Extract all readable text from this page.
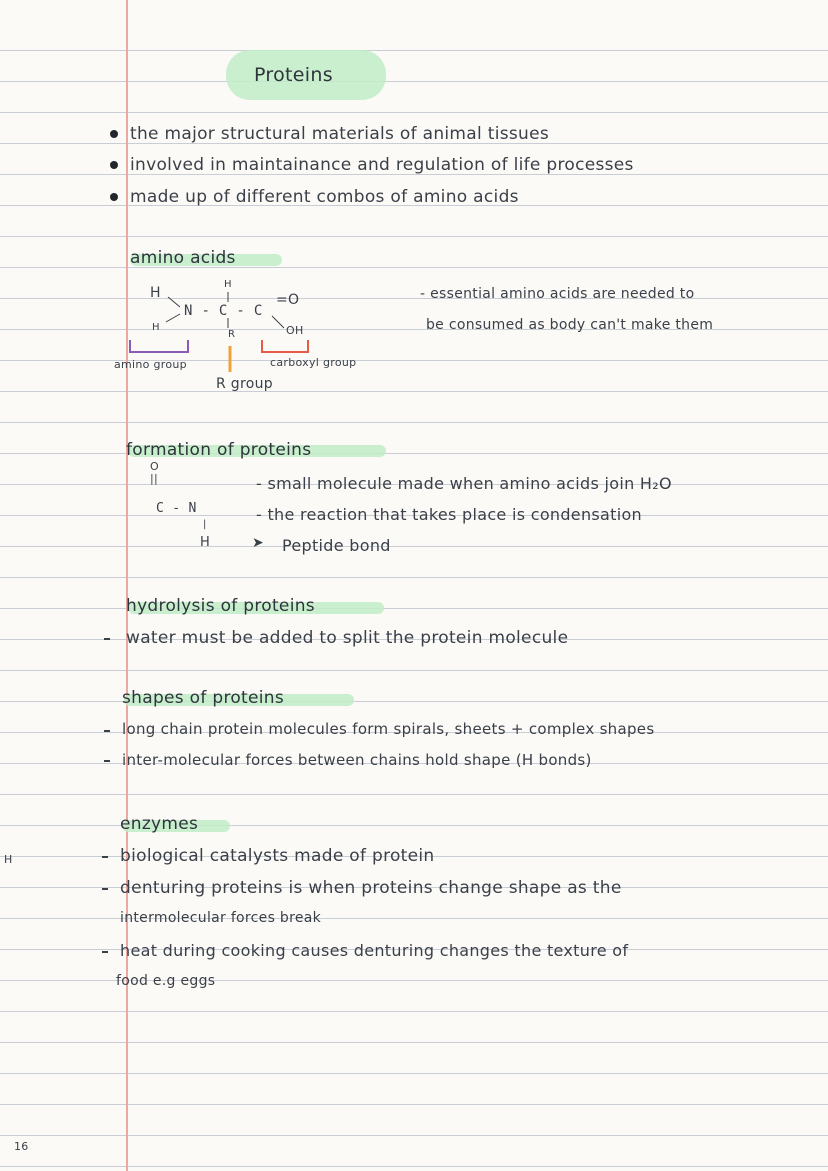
Proteins
the major structural materials of animal tissues
involved in maintainance and regulation of life processes
made up of different combos of amino acids
amino acids
H
H
N - C - C
=O
H
R	OH
amino group	carboxyl group
R group
- essential amino acids are needed to
be consumed as body can't make them
formation of proteins
O
||
C - N
|
H
- small molecule made when amino acids join H₂O
- the reaction that takes place is condensation
➤ Peptide bond
hydrolysis of proteins
water must be added to split the protein molecule
shapes of proteins
long chain protein molecules form spirals, sheets + complex shapes
inter-molecular forces between chains hold shape (H bonds)
enzymes
biological catalysts made of protein
denturing proteins is when proteins change shape as the
intermolecular forces break
heat during cooking causes denturing changes the texture of
food e.g eggs
16
H
